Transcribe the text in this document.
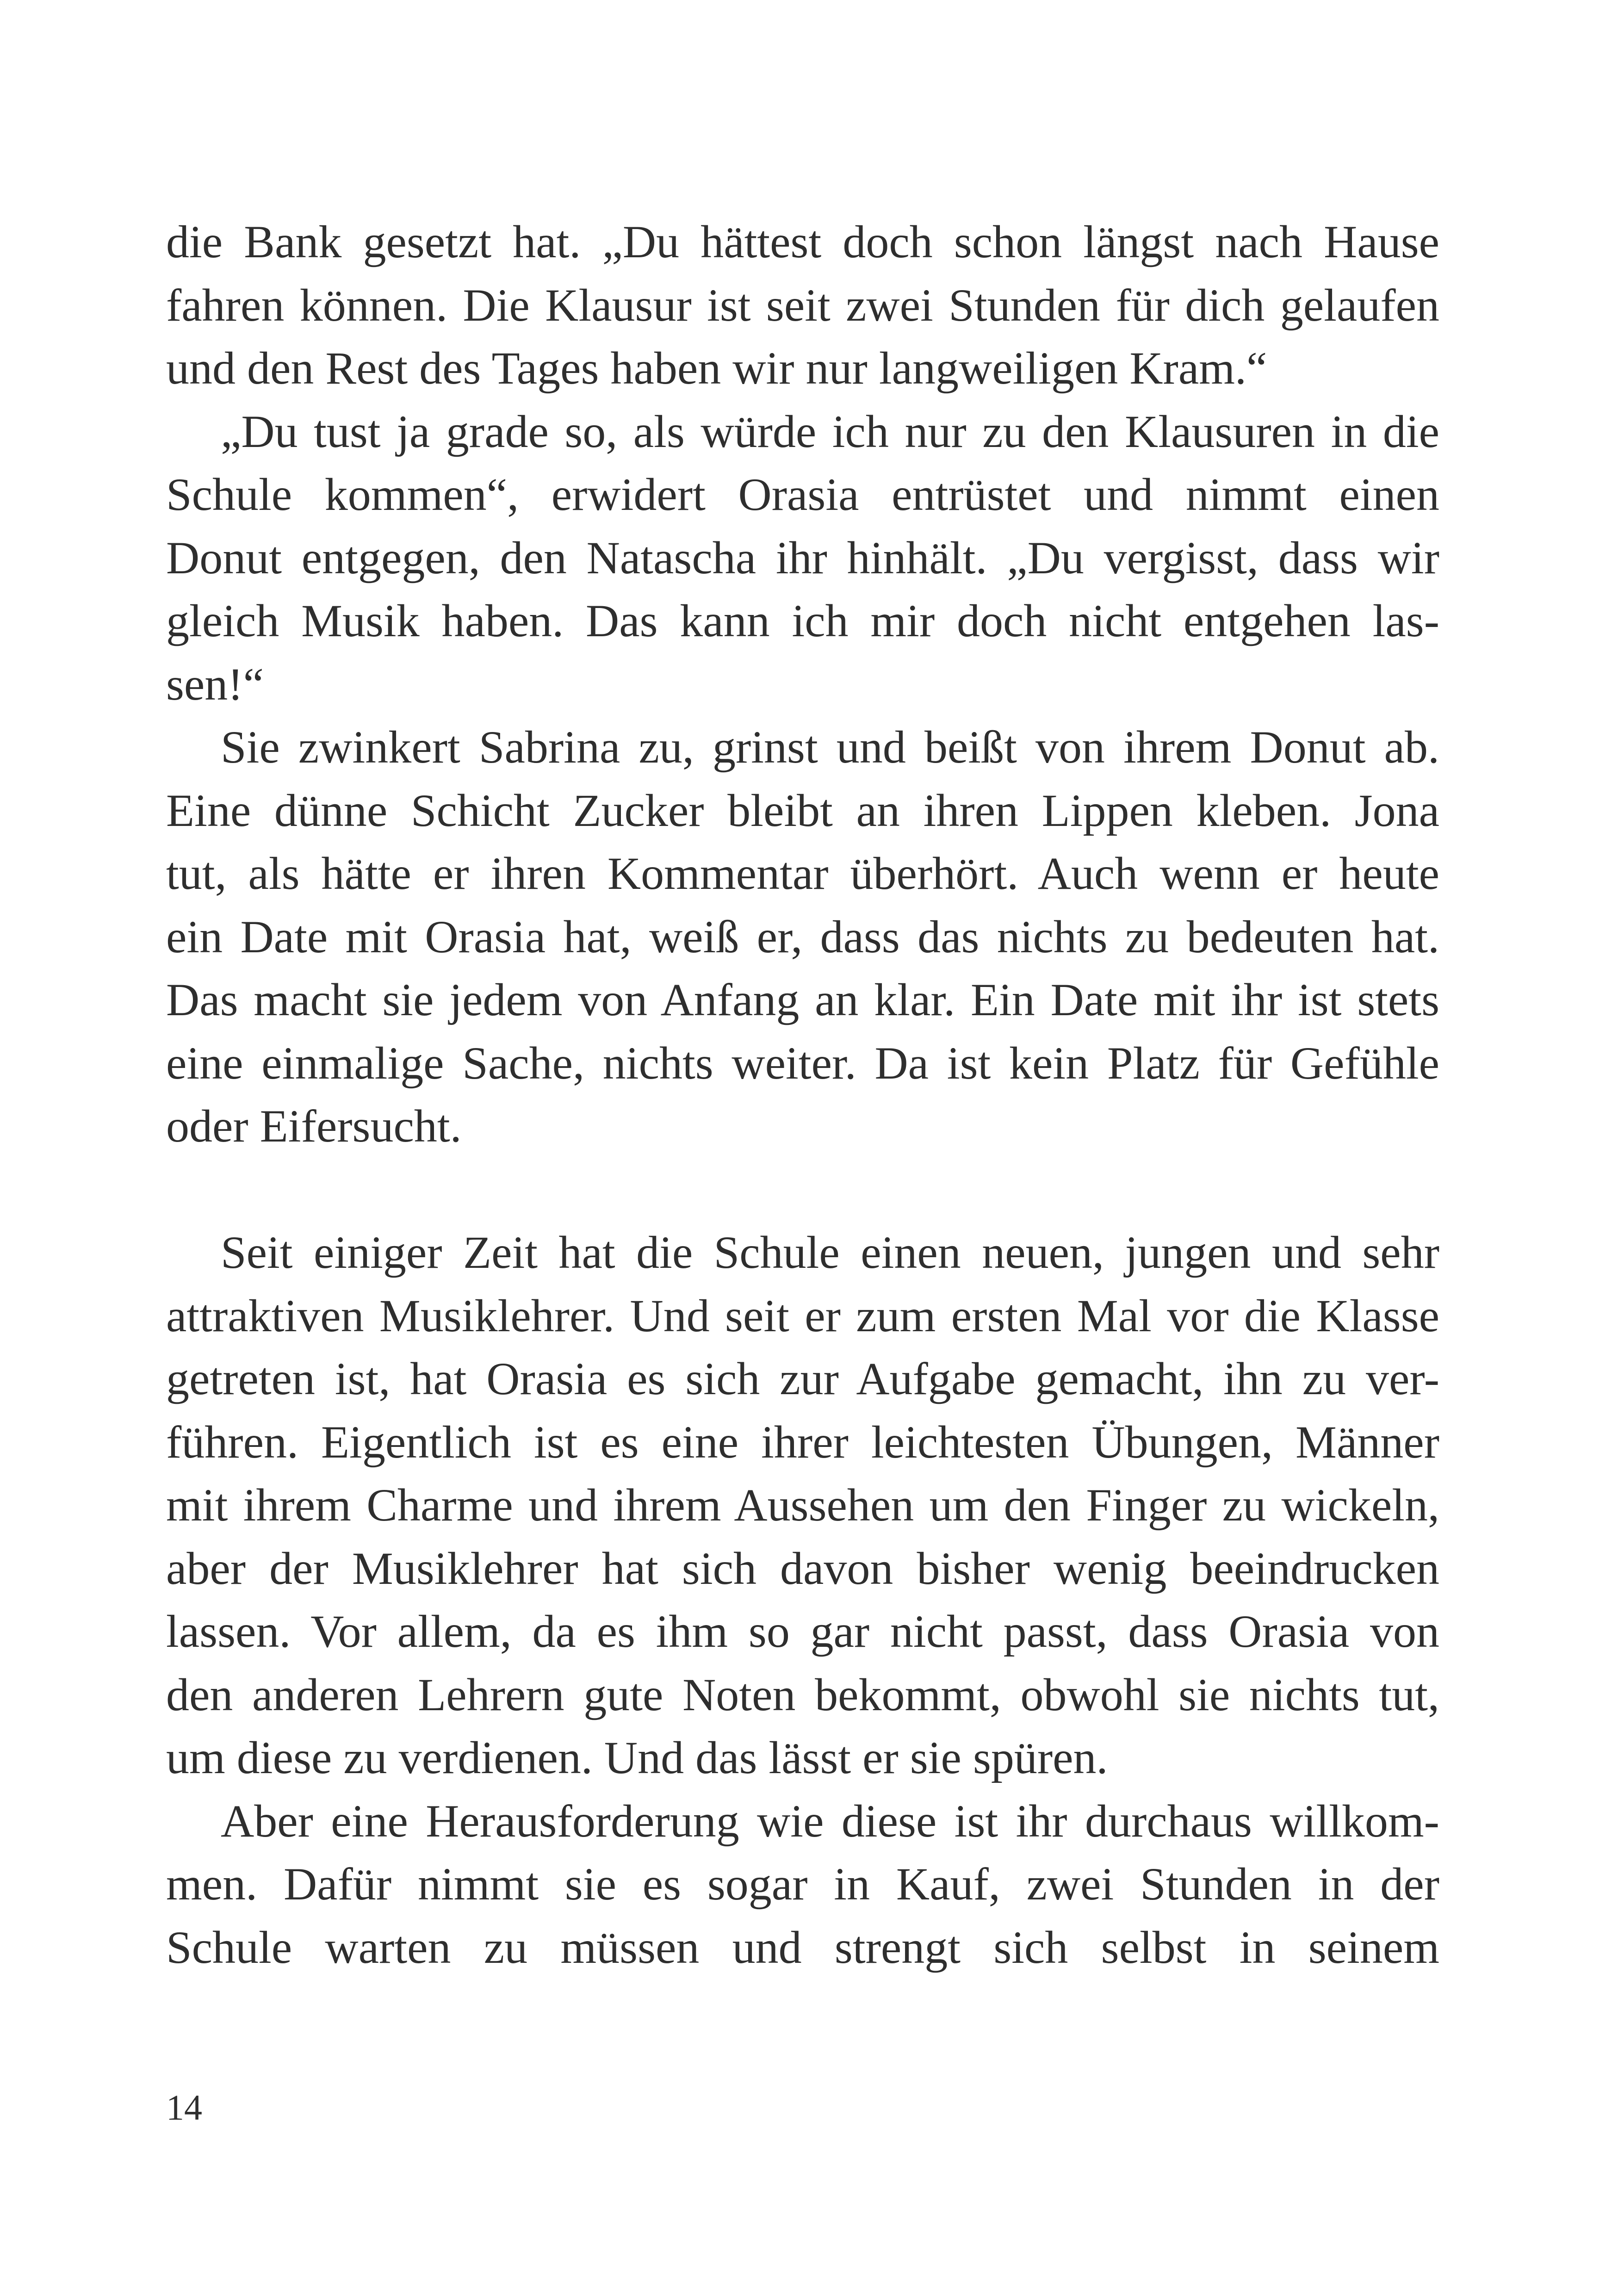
die Bank gesetzt hat. „Du hättest doch schon längst nach Hause
fahren können. Die Klausur ist seit zwei Stunden für dich gelaufen
und den Rest des Tages haben wir nur langweiligen Kram.“

„Du tust ja grade so, als würde ich nur zu den Klausuren in die
Schule kommen“, erwidert Orasia entrüstet und nimmt einen
Donut entgegen, den Natascha ihr hinhält. „Du vergisst, dass wir
gleich Musik haben. Das kann ich mir doch nicht entgehen las-
sen!“

Sie zwinkert Sabrina zu, grinst und beißt von ihrem Donut ab.
Eine dünne Schicht Zucker bleibt an ihren Lippen kleben. Jona
tut, als hätte er ihren Kommentar überhört. Auch wenn er heute
ein Date mit Orasia hat, weiß er, dass das nichts zu bedeuten hat.
Das macht sie jedem von Anfang an klar. Ein Date mit ihr ist stets
eine einmalige Sache, nichts weiter. Da ist kein Platz für Gefühle
oder Eifersucht.

Seit einiger Zeit hat die Schule einen neuen, jungen und sehr
attraktiven Musiklehrer. Und seit er zum ersten Mal vor die Klasse
getreten ist, hat Orasia es sich zur Aufgabe gemacht, ihn zu ver-
führen. Eigentlich ist es eine ihrer leichtesten Übungen, Männer
mit ihrem Charme und ihrem Aussehen um den Finger zu wickeln,
aber der Musiklehrer hat sich davon bisher wenig beeindrucken
lassen. Vor allem, da es ihm so gar nicht passt, dass Orasia von
den anderen Lehrern gute Noten bekommt, obwohl sie nichts tut,
um diese zu verdienen. Und das lässt er sie spüren.

Aber eine Herausforderung wie diese ist ihr durchaus willkom-
men. Dafür nimmt sie es sogar in Kauf, zwei Stunden in der
Schule warten zu müssen und strengt sich selbst in seinem

14
